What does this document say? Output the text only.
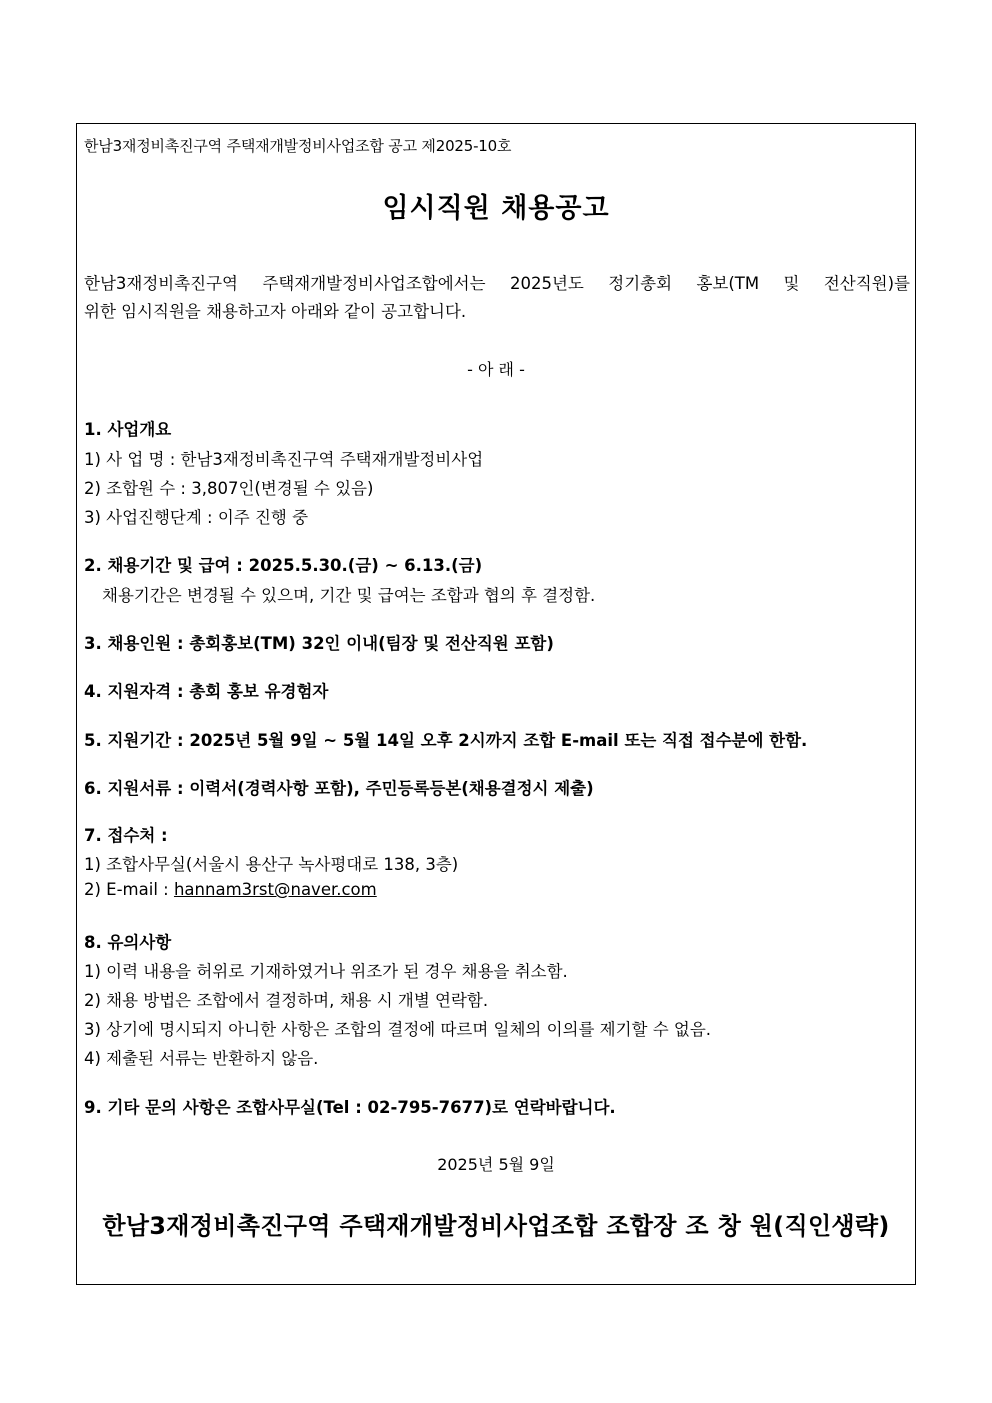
한남3재정비촉진구역 주택재개발정비사업조합 공고 제2025-10호
임시직원 채용공고
한남3재정비촉진구역 주택재개발정비사업조합에서는 2025년도 정기총회 홍보(TM 및 전산직원)를
위한 임시직원을 채용하고자 아래와 같이 공고합니다.
- 아 래 -
1. 사업개요
1) 사 업 명 : 한남3재정비촉진구역 주택재개발정비사업
2) 조합원 수 : 3,807인(변경될 수 있음)
3) 사업진행단계 : 이주 진행 중
2. 채용기간 및 급여 : 2025.5.30.(금) ~ 6.13.(금)
채용기간은 변경될 수 있으며, 기간 및 급여는 조합과 협의 후 결정함.
3. 채용인원 : 총회홍보(TM) 32인 이내(팀장 및 전산직원 포함)
4. 지원자격 : 총회 홍보 유경험자
5. 지원기간 : 2025년 5월 9일 ~ 5월 14일 오후 2시까지 조합 E-mail 또는 직접 접수분에 한함.
6. 지원서류 : 이력서(경력사항 포함), 주민등록등본(채용결정시 제출)
7. 접수처 :
1) 조합사무실(서울시 용산구 녹사평대로 138, 3층)
2) E-mail : hannam3rst@naver.com
8. 유의사항
1) 이력 내용을 허위로 기재하였거나 위조가 된 경우 채용을 취소함.
2) 채용 방법은 조합에서 결정하며, 채용 시 개별 연락함.
3) 상기에 명시되지 아니한 사항은 조합의 결정에 따르며 일체의 이의를 제기할 수 없음.
4) 제출된 서류는 반환하지 않음.
9. 기타 문의 사항은 조합사무실(Tel : 02-795-7677)로 연락바랍니다.
2025년 5월 9일
한남3재정비촉진구역 주택재개발정비사업조합 조합장 조 창 원(직인생략)
